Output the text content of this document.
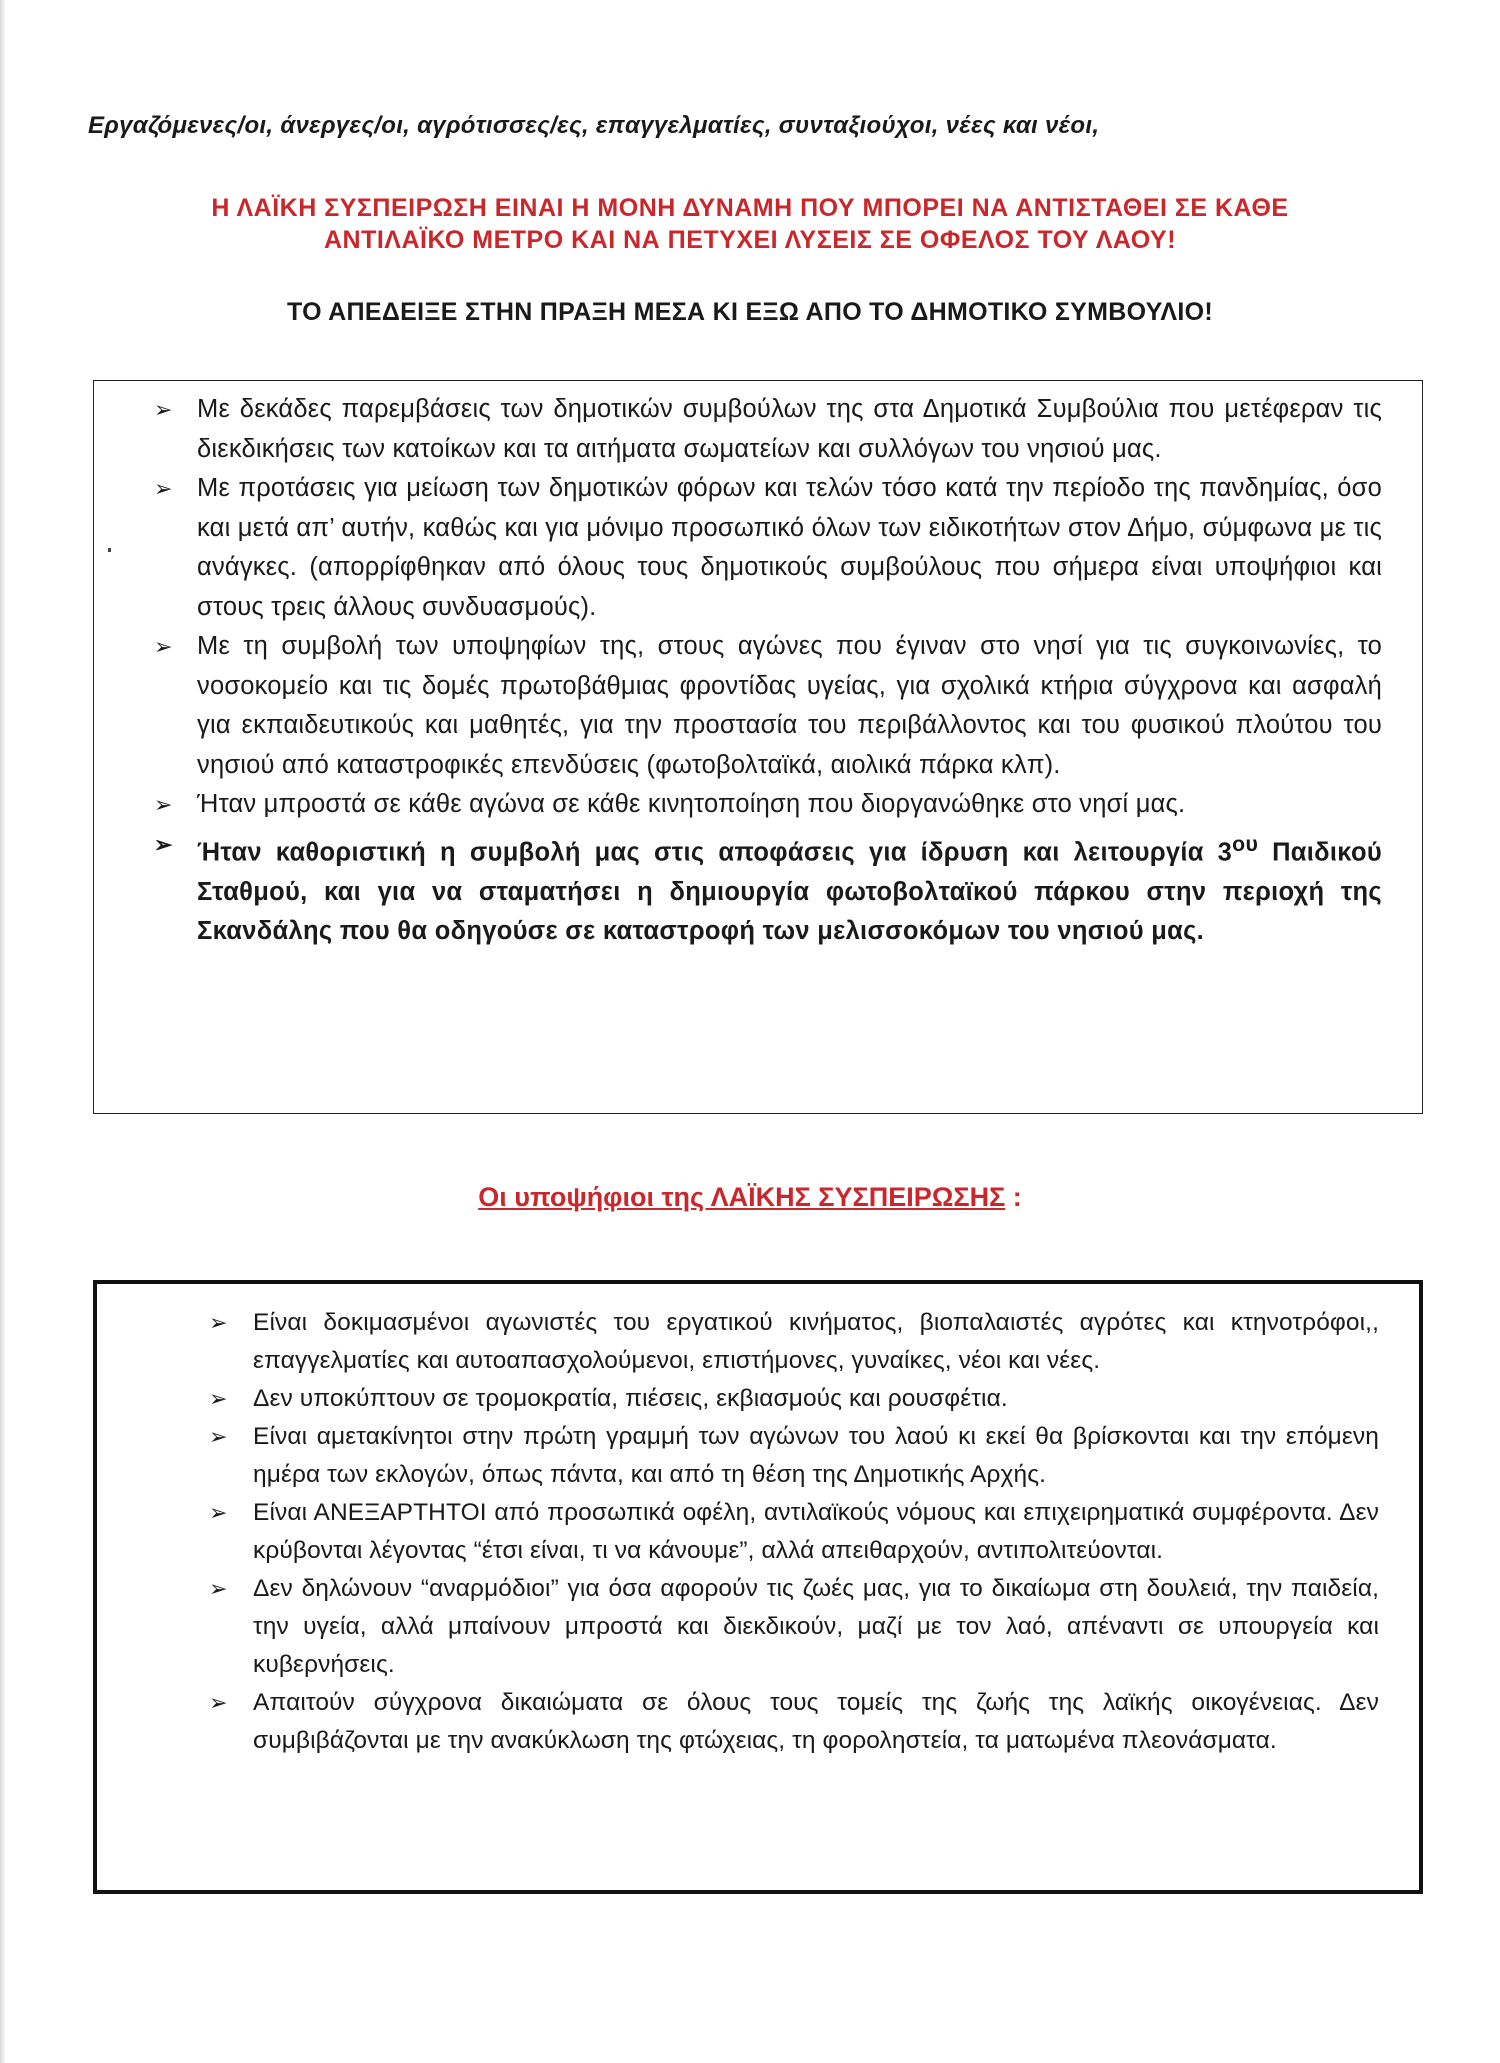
Εργαζόμενες/οι, άνεργες/οι, αγρότισσες/ες, επαγγελματίες, συνταξιούχοι, νέες και νέοι,
Η ΛΑΪΚΗ ΣΥΣΠΕΙΡΩΣΗ ΕΙΝΑΙ Η ΜΟΝΗ ΔΥΝΑΜΗ ΠΟΥ ΜΠΟΡΕΙ ΝΑ ΑΝΤΙΣΤΑΘΕΙ ΣΕ ΚΑΘΕ
ΑΝΤΙΛΑΪΚΟ ΜΕΤΡΟ ΚΑΙ ΝΑ ΠΕΤΥΧΕΙ ΛΥΣΕΙΣ ΣΕ ΟΦΕΛΟΣ ΤΟΥ ΛΑΟΥ!
ΤΟ ΑΠΕΔΕΙΞΕ ΣΤΗΝ ΠΡΑΞΗ ΜΕΣΑ ΚΙ ΕΞΩ ΑΠΟ ΤΟ ΔΗΜΟΤΙΚΟ ΣΥΜΒΟΥΛΙΟ!
➢ Με δεκάδες παρεμβάσεις των δημοτικών συμβούλων της στα Δημοτικά Συμβούλια που μετέφεραν τις διεκδικήσεις των κατοίκων και τα αιτήματα σωματείων και συλλόγων του νησιού μας.
➢ Με προτάσεις για μείωση των δημοτικών φόρων και τελών τόσο κατά την περίοδο της πανδημίας, όσο και μετά απ’ αυτήν, καθώς και για μόνιμο προσωπικό όλων των ειδικοτήτων στον Δήμο, σύμφωνα με τις ανάγκες. (απορρίφθηκαν από όλους τους δημοτικούς συμβούλους που σήμερα είναι υποψήφιοι και στους τρεις άλλους συνδυασμούς).
➢ Με τη συμβολή των υποψηφίων της, στους αγώνες που έγιναν στο νησί για τις συγκοινωνίες, το νοσοκομείο και τις δομές πρωτοβάθμιας φροντίδας υγείας, για σχολικά κτήρια σύγχρονα και ασφαλή για εκπαιδευτικούς και μαθητές, για την προστασία του περιβάλλοντος και του φυσικού πλούτου του νησιού από καταστροφικές επενδύσεις (φωτοβολταϊκά, αιολικά πάρκα κλπ).
➢ Ήταν μπροστά σε κάθε αγώνα σε κάθε κινητοποίηση που διοργανώθηκε στο νησί μας.
➢ Ήταν καθοριστική η συμβολή μας στις αποφάσεις για ίδρυση και λειτουργία $3^{o\upsilon}$ Παιδικού Σταθμού, και για να σταματήσει η δημιουργία φωτοβολταϊκού πάρκου στην περιοχή της Σκανδάλης που θα οδηγούσε σε καταστροφή των μελισσοκόμων του νησιού μας.
Οι υποψήφιοι της ΛΑΪΚΗΣ ΣΥΣΠΕΙΡΩΣΗΣ :
➢ Είναι δοκιμασμένοι αγωνιστές του εργατικού κινήματος, βιοπαλαιστές αγρότες και κτηνοτρόφοι,, επαγγελματίες και αυτοαπασχολούμενοι, επιστήμονες, γυναίκες, νέοι και νέες.
➢ Δεν υποκύπτουν σε τρομοκρατία, πιέσεις, εκβιασμούς και ρουσφέτια.
➢ Είναι αμετακίνητοι στην πρώτη γραμμή των αγώνων του λαού κι εκεί θα βρίσκονται και την επόμενη ημέρα των εκλογών, όπως πάντα, και από τη θέση της Δημοτικής Αρχής.
➢ Είναι ΑΝΕΞΑΡΤΗΤΟΙ από προσωπικά οφέλη, αντιλαϊκούς νόμους και επιχειρηματικά συμφέροντα. Δεν κρύβονται λέγοντας “έτσι είναι, τι να κάνουμε”, αλλά απειθαρχούν, αντιπολιτεύονται.
➢ Δεν δηλώνουν “αναρμόδιοι” για όσα αφορούν τις ζωές μας, για το δικαίωμα στη δουλειά, την παιδεία, την υγεία, αλλά μπαίνουν μπροστά και διεκδικούν, μαζί με τον λαό, απέναντι σε υπουργεία και κυβερνήσεις.
➢ Απαιτούν σύγχρονα δικαιώματα σε όλους τους τομείς της ζωής της λαϊκής οικογένειας. Δεν συμβιβάζονται με την ανακύκλωση της φτώχειας, τη φοροληστεία, τα ματωμένα πλεονάσματα.
